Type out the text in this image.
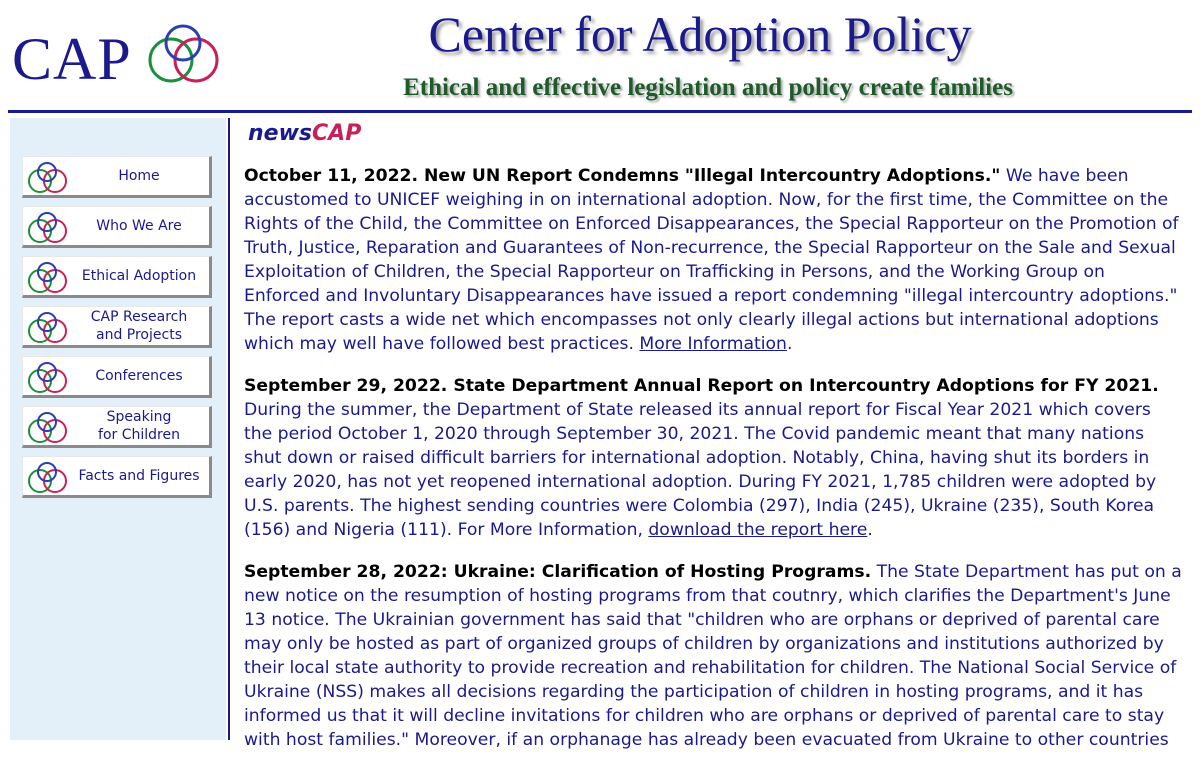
CAP	Center for Adoption Policy
Ethical and effective legislation and policy create families
Home
Who We Are
Ethical Adoption
CAP Research
and Projects
Conferences
Speaking
for Children
Facts and Figures
newsCAP

October 11, 2022. New UN Report Condemns "Illegal Intercountry Adoptions." We have been accustomed to UNICEF weighing in on international adoption. Now, for the first time, the Committee on the Rights of the Child, the Committee on Enforced Disappearances, the Special Rapporteur on the Promotion of Truth, Justice, Reparation and Guarantees of Non-recurrence, the Special Rapporteur on the Sale and Sexual Exploitation of Children, the Special Rapporteur on Trafficking in Persons, and the Working Group on Enforced and Involuntary Disappearances have issued a report condemning "illegal intercountry adoptions." The report casts a wide net which encompasses not only clearly illegal actions but international adoptions which may well have followed best practices. More Information.

September 29, 2022. State Department Annual Report on Intercountry Adoptions for FY 2021. During the summer, the Department of State released its annual report for Fiscal Year 2021 which covers the period October 1, 2020 through September 30, 2021. The Covid pandemic meant that many nations shut down or raised difficult barriers for international adoption. Notably, China, having shut its borders in early 2020, has not yet reopened international adoption. During FY 2021, 1,785 children were adopted by U.S. parents. The highest sending countries were Colombia (297), India (245), Ukraine (235), South Korea (156) and Nigeria (111). For More Information, download the report here.

September 28, 2022: Ukraine: Clarification of Hosting Programs. The State Department has put on a new notice on the resumption of hosting programs from that coutnry, which clarifies the Department's June 13 notice. The Ukrainian government has said that "children who are orphans or deprived of parental care may only be hosted as part of organized groups of children by organizations and institutions authorized by their local state authority to provide recreation and rehabilitation for children. The National Social Service of Ukraine (NSS) makes all decisions regarding the participation of children in hosting programs, and it has informed us that it will decline invitations for children who are orphans or deprived of parental care to stay with host families." Moreover, if an orphanage has already been evacuated from Ukraine to other countries
